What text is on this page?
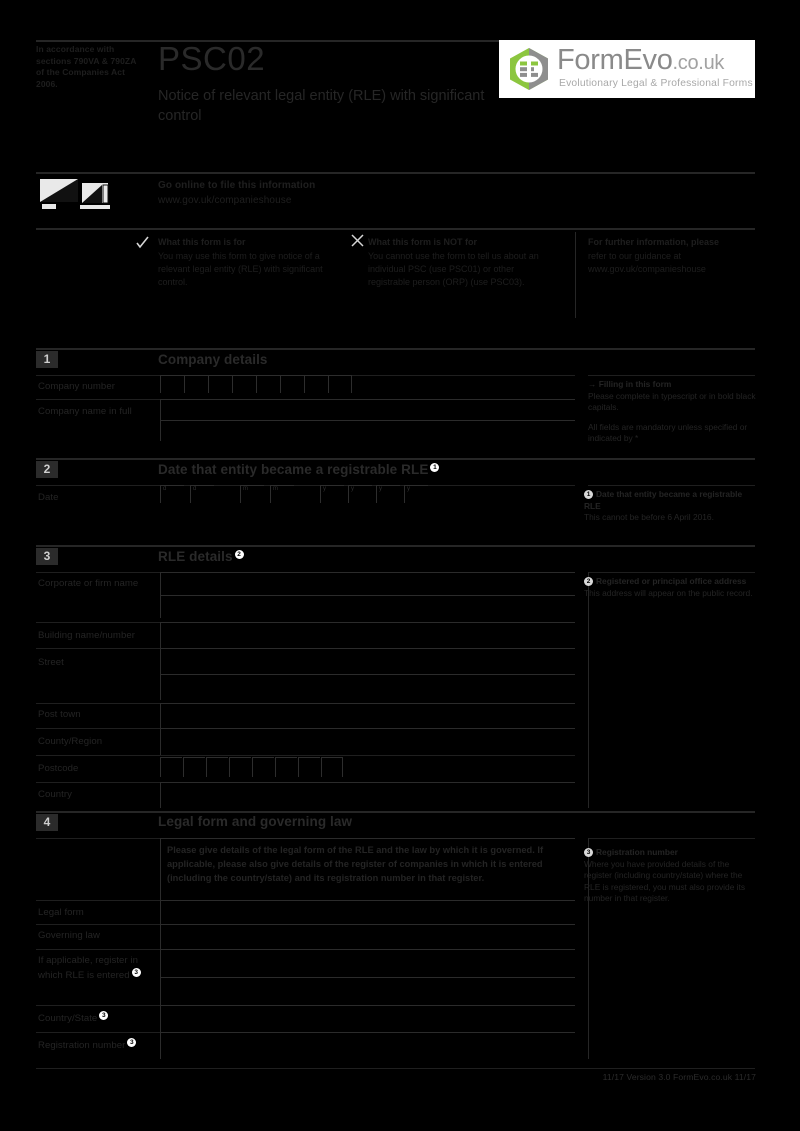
In accordance with sections 790VA & 790ZA of the Companies Act 2006.
PSC02
Notice of relevant legal entity (RLE) with significant control
FormEvo.co.uk
Evolutionary Legal & Professional Forms
Go online to file this information
www.gov.uk/companieshouse
What this form is for
You may use this form to give notice of a relevant legal entity (RLE) with significant control.
What this form is NOT for
You cannot use the form to tell us about an individual PSC (use PSC01) or other registrable person (ORP) (use PSC03).
For further information, please
refer to our guidance at
www.gov.uk/companieshouse
1	Company details
Company number
Company name in full
→ Filling in this form
Please complete in typescript or in bold black capitals.
All fields are mandatory unless specified or indicated by *
2	Date that entity became a registrable RLE 1
Date
d	d	m	m	y	y	y	y
1 Date that entity became a registrable RLE
This cannot be before 6 April 2016.
3	RLE details 2
Corporate or firm name
Building name/number
Street
Post town
County/Region
Postcode
Country
2 Registered or principal office address
This address will appear on the public record.
4	Legal form and governing law
Please give details of the legal form of the RLE and the law by which it is governed. If applicable, please also give details of the register of companies in which it is entered (including the country/state) and its registration number in that register.
Legal form
Governing law
If applicable, register in which RLE is entered 3
Country/State 3
Registration number 3
3 Registration number
Where you have provided details of the register (including country/state) where the RLE is registered, you must also provide its number in that register.
11/17 Version 3.0 FormEvo.co.uk 11/17
